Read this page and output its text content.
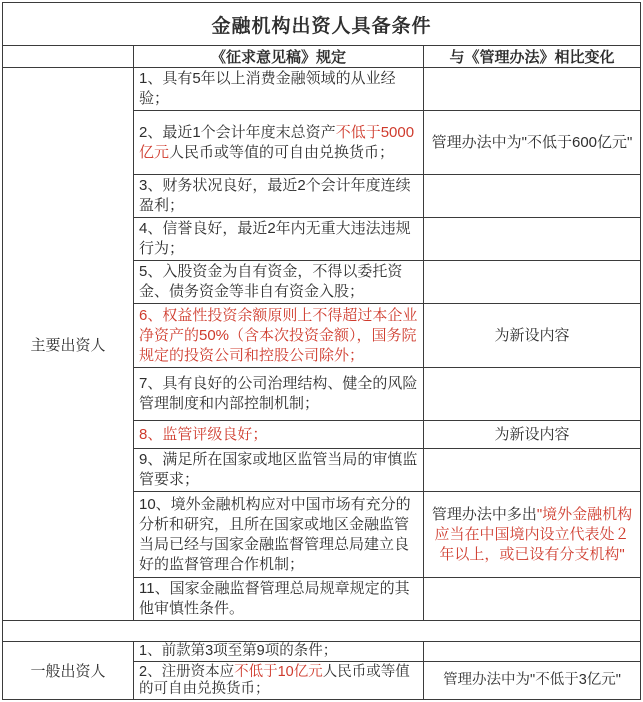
金融机构出资人具备条件
《征求意见稿》规定	与《管理办法》相比变化
主要出资人
1、具有5年以上消费金融领域的从业经验；
2、最近1个会计年度末总资产不低于5000亿元人民币或等值的可自由兑换货币；
管理办法中为"不低于600亿元"
3、财务状况良好，最近2个会计年度连续盈利；
4、信誉良好，最近2年内无重大违法违规行为；
5、入股资金为自有资金，不得以委托资金、债务资金等非自有资金入股；
6、权益性投资余额原则上不得超过本企业净资产的50%（含本次投资金额），国务院规定的投资公司和控股公司除外；
为新设内容
7、具有良好的公司治理结构、健全的风险管理制度和内部控制机制；
8、监管评级良好；	为新设内容
9、满足所在国家或地区监管当局的审慎监管要求；
10、境外金融机构应对中国市场有充分的分析和研究，且所在国家或地区金融监管当局已经与国家金融监督管理总局建立良好的监督管理合作机制；
管理办法中多出"境外金融机构应当在中国境内设立代表处２年以上，或已设有分支机构"
11、国家金融监督管理总局规章规定的其他审慎性条件。
一般出资人
1、前款第3项至第9项的条件；
2、注册资本应不低于10亿元人民币或等值的可自由兑换货币；
管理办法中为"不低于3亿元"
